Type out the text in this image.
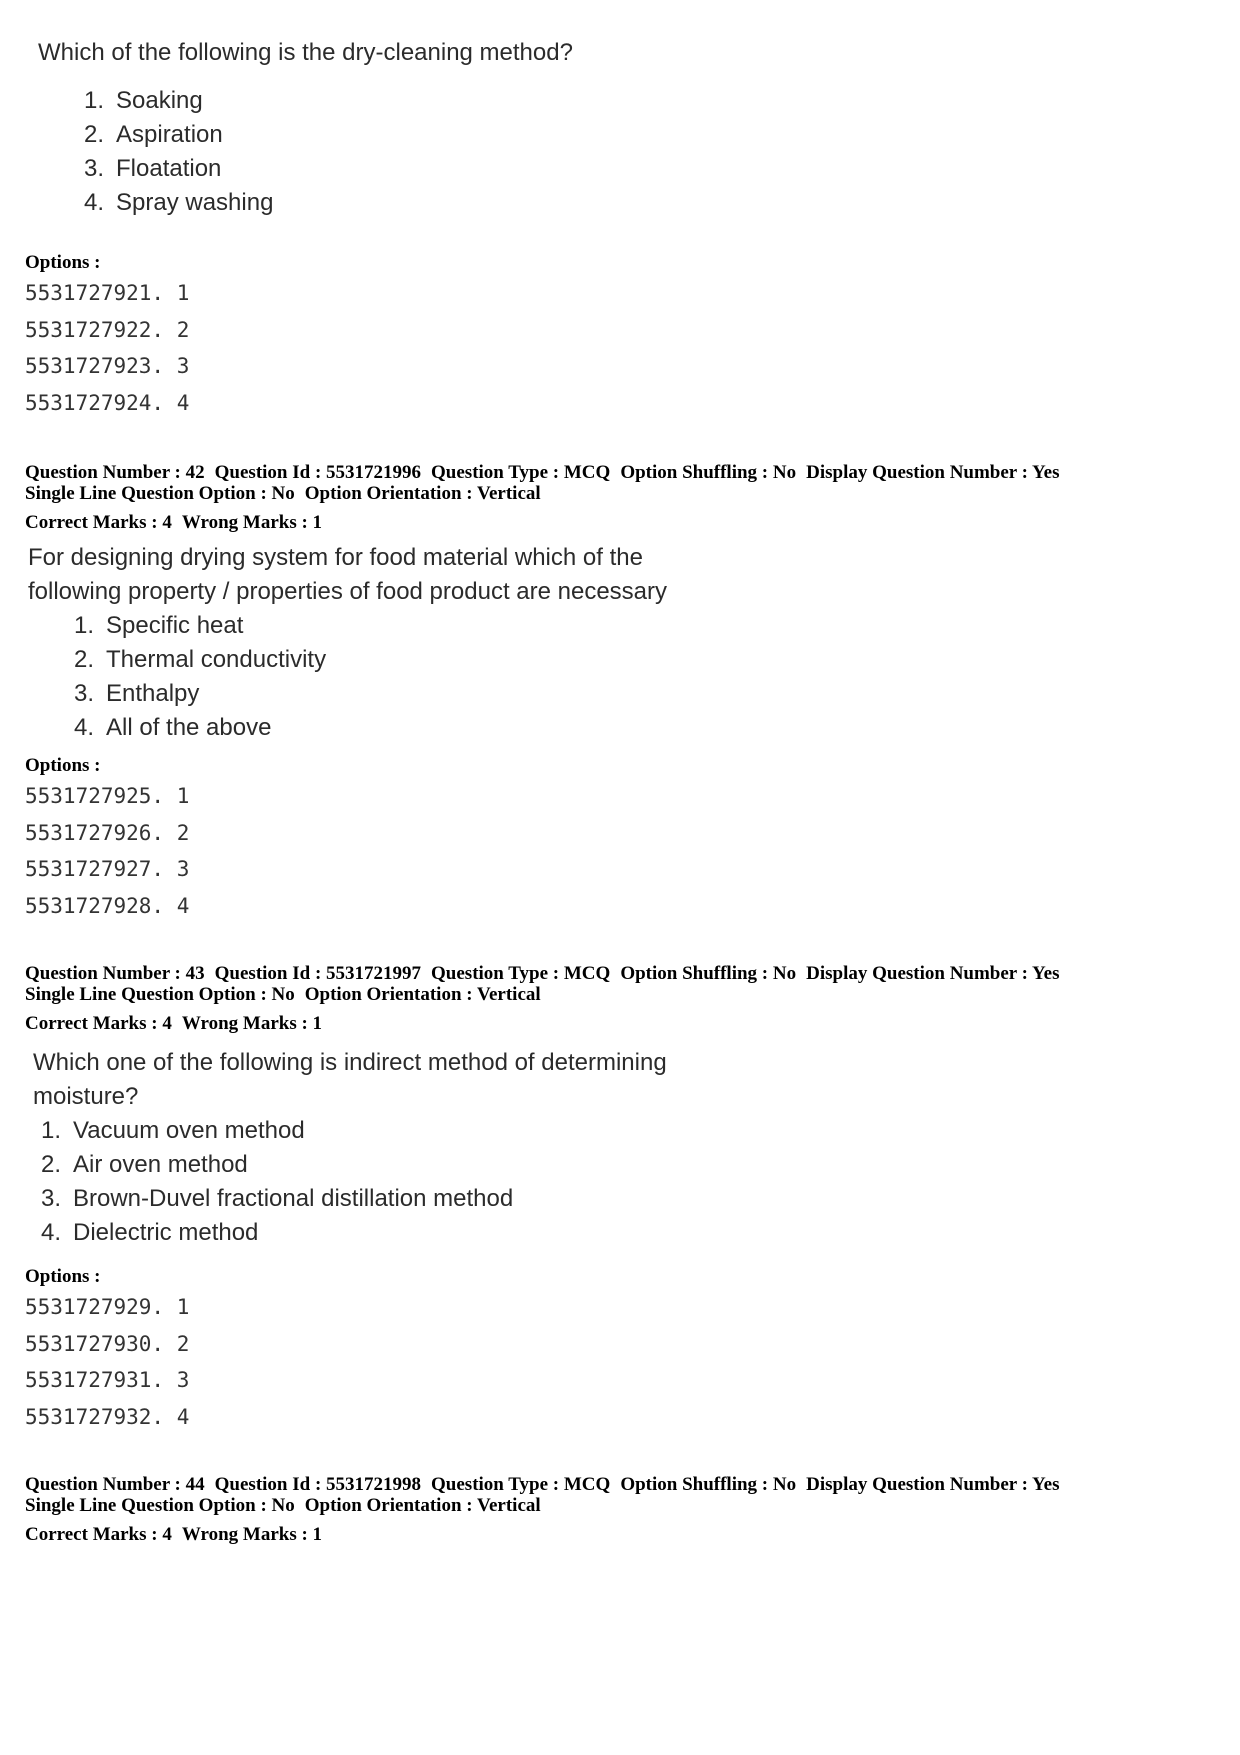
Which of the following is the dry-cleaning method?

1. Soaking
2. Aspiration
3. Floatation
4. Spray washing
Options :
5531727921. 1
5531727922. 2
5531727923. 3
5531727924. 4
Question Number : 42 Question Id : 5531721996 Question Type : MCQ Option Shuffling : No Display Question Number : Yes
Single Line Question Option : No Option Orientation : Vertical
Correct Marks : 4 Wrong Marks : 1

For designing drying system for food material which of the

following property / properties of food product are necessary

1. Specific heat
2. Thermal conductivity
3. Enthalpy
4. All of the above
Options :
5531727925. 1
5531727926. 2
5531727927. 3
5531727928. 4
Question Number : 43 Question Id : 5531721997 Question Type : MCQ Option Shuffling : No Display Question Number : Yes
Single Line Question Option : No Option Orientation : Vertical
Correct Marks : 4 Wrong Marks : 1

Which one of the following is indirect method of determining

moisture?

1. Vacuum oven method
2. Air oven method
3. Brown-Duvel fractional distillation method
4. Dielectric method
Options :
5531727929. 1
5531727930. 2
5531727931. 3
5531727932. 4
Question Number : 44 Question Id : 5531721998 Question Type : MCQ Option Shuffling : No Display Question Number : Yes
Single Line Question Option : No Option Orientation : Vertical
Correct Marks : 4 Wrong Marks : 1
